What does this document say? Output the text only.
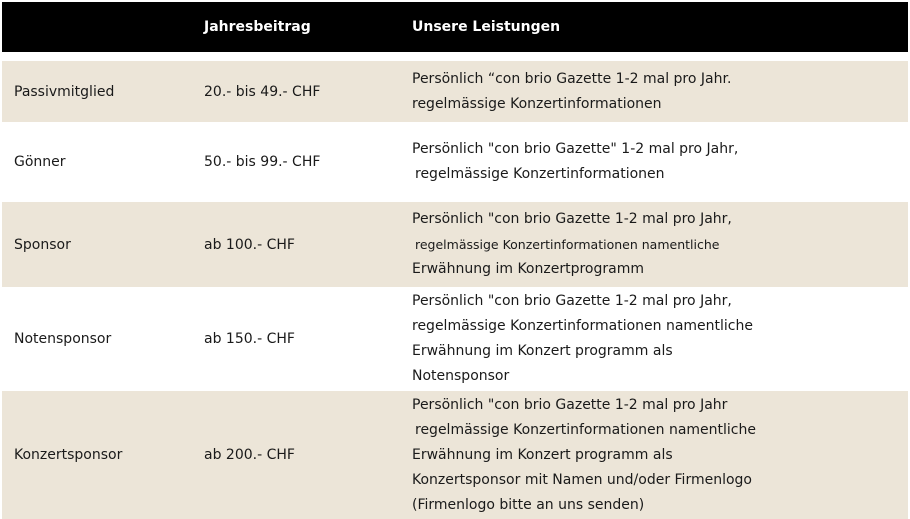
Jahresbeitrag	Unsere Leistungen
Passivmitglied	20.- bis 49.- CHF
Persönlich “con brio Gazette 1-2 mal pro Jahr.
regelmässige Konzertinformationen
Gönner	50.- bis 99.- CHF
Persönlich "con brio Gazette" 1-2 mal pro Jahr,
regelmässige Konzertinformationen
Sponsor	ab 100.- CHF
Persönlich "con brio Gazette 1-2 mal pro Jahr,
regelmässige Konzertinformationen namentliche
Erwähnung im Konzertprogramm
Notensponsor	ab 150.- CHF
Persönlich "con brio Gazette 1-2 mal pro Jahr,
regelmässige Konzertinformationen namentliche
Erwähnung im Konzert programm als
Notensponsor
Konzertsponsor	ab 200.- CHF
Persönlich "con brio Gazette 1-2 mal pro Jahr
regelmässige Konzertinformationen namentliche
Erwähnung im Konzert programm als
Konzertsponsor mit Namen und/oder Firmenlogo
(Firmenlogo bitte an uns senden)
